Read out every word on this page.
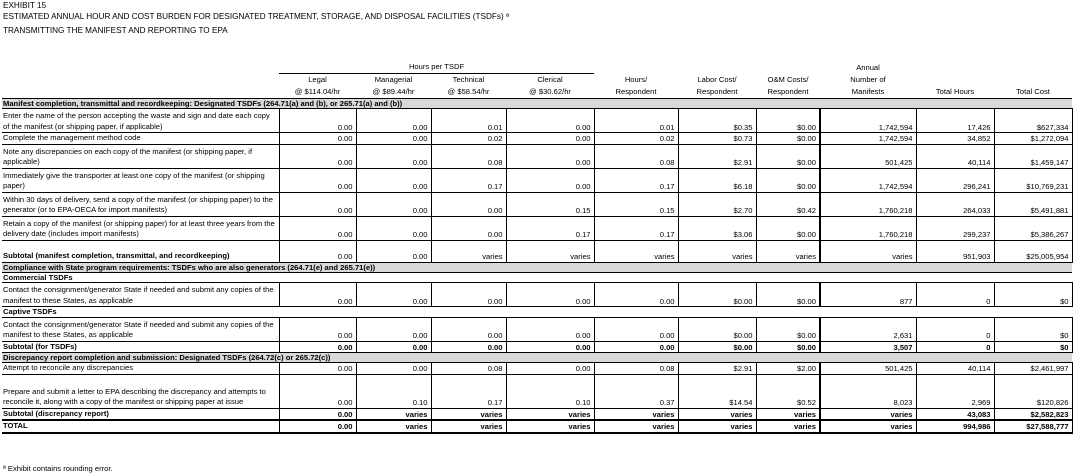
EXHIBIT 15
ESTIMATED ANNUAL HOUR AND COST BURDEN FOR DESIGNATED TREATMENT, STORAGE, AND DISPOSAL FACILITIES (TSDFs) ª
TRANSMITTING THE MANIFEST AND REPORTING TO EPA
	Hours per TSDF							Annual		
	Legal	Managerial	Technical	Clerical	Hours/	Labor Cost/	O&M Costs/	Number of		
	@ $114.04/hr	@ $89.44/hr	@ $58.54/hr	@ $30.62/hr	Respondent	Respondent	Respondent	Manifests	Total Hours	Total Cost
Manifest completion, transmittal and recordkeeping: Designated TSDFs (264.71(a) and (b), or 265.71(a) and (b))										
Enter the name of the person accepting the waste and sign and date each copy of the manifest (or shipping paper, if applicable)	0.00	0.00	0.01	0.00	0.01	$0.35	$0.00	1,742,594	17,426	$627,334
Complete the management method code	0.00	0.00	0.02	0.00	0.02	$0.73	$0.00	1,742,594	34,852	$1,272,094
Note any discrepancies on each copy of the manifest (or shipping paper, if applicable)	0.00	0.00	0.08	0.00	0.08	$2.91	$0.00	501,425	40,114	$1,459,147
Immediately give the transporter at least one copy of the manifest (or shipping paper)	0.00	0.00	0.17	0.00	0.17	$6.18	$0.00	1,742,594	296,241	$10,769,231
Within 30 days of delivery, send a copy of the manifest (or shipping paper) to the generator (or to EPA-OECA for import manifests)	0.00	0.00	0.00	0.15	0.15	$2.70	$0.42	1,760,218	264,033	$5,491,881
Retain a copy of the manifest (or shipping paper) for at least three years from the delivery date (includes import manifests)	0.00	0.00	0.00	0.17	0.17	$3.06	$0.00	1,760,218	299,237	$5,386,267
Subtotal (manifest completion, transmittal, and recordkeeping)	0.00	0.00	varies	varies	varies	varies	varies	varies	951,903	$25,005,954
Compliance with State program requirements: TSDFs who are also generators (264.71(e) and 265.71(e))										
Commercial TSDFs										
Contact the consignment/generator State if needed and submit any copies of the manifest to these States, as applicable	0.00	0.00	0.00	0.00	0.00	$0.00	$0.00	877	0	$0
Captive TSDFs										
Contact the consignment/generator State if needed and submit any copies of the manifest to these States, as applicable	0.00	0.00	0.00	0.00	0.00	$0.00	$0.00	2,631	0	$0
Subtotal (for TSDFs)	0.00	0.00	0.00	0.00	0.00	$0.00	$0.00	3,507	0	$0
Discrepancy report completion and submission: Designated TSDFs (264.72(c) or 265.72(c))										
Attempt to reconcile any discrepancies	0.00	0.00	0.08	0.00	0.08	$2.91	$2.00	501,425	40,114	$2,461,997
Prepare and submit a letter to EPA describing the discrepancy and attempts to reconcile it, along with a copy of the manifest or shipping paper at issue	0.00	0.10	0.17	0.10	0.37	$14.54	$0.52	8,023	2,969	$120,826
Subtotal (discrepancy report)	0.00	varies	varies	varies	varies	varies	varies	varies	43,083	$2,582,823
TOTAL	0.00	varies	varies	varies	varies	varies	varies	varies	994,986	$27,588,777
ª Exhibit contains rounding error.
